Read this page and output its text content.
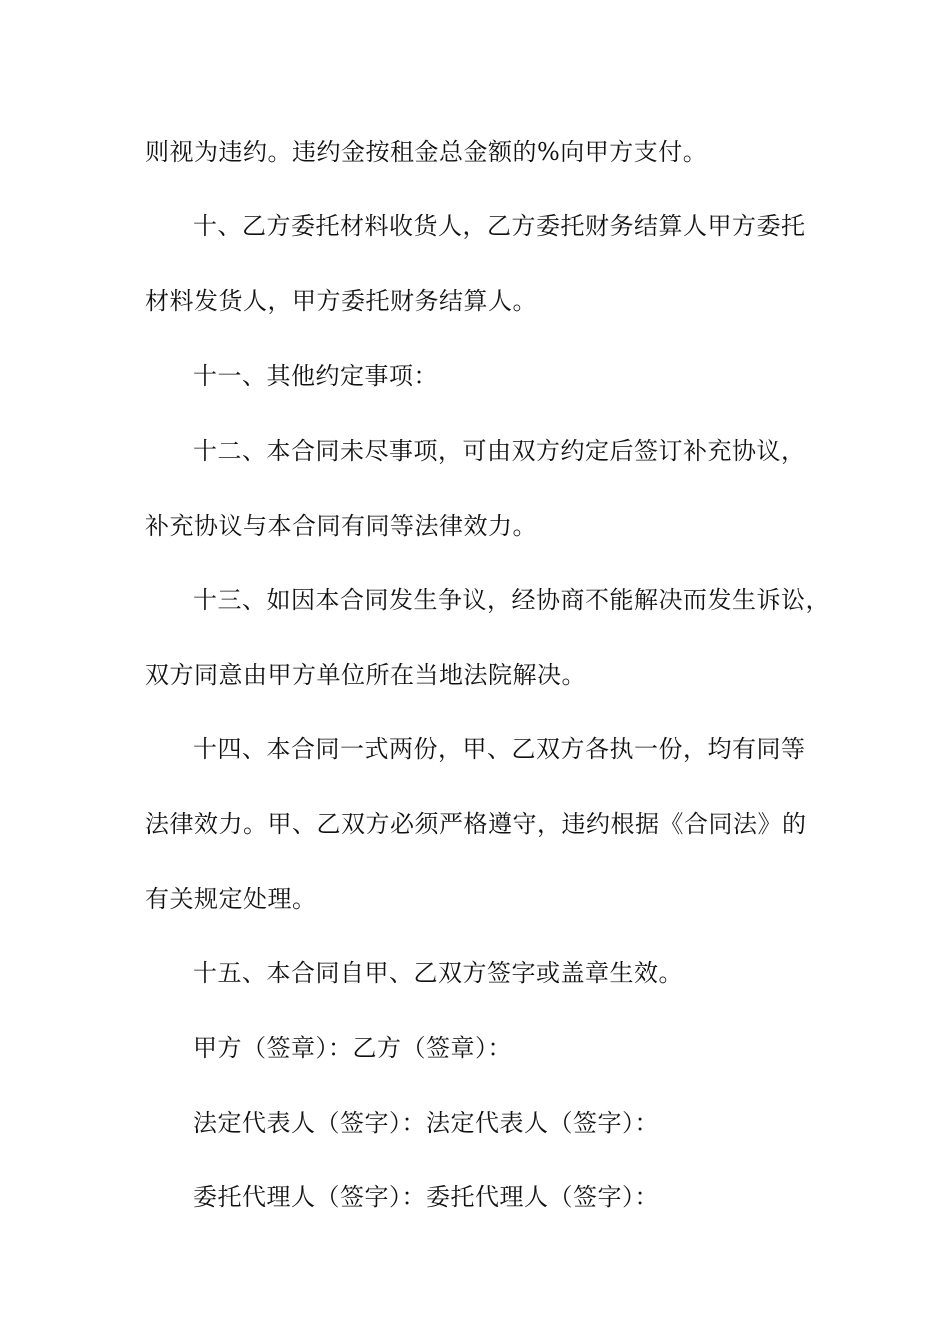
则视为违约。违约金按租金总金额的%向甲方支付。
十、乙方委托材料收货人，乙方委托财务结算人甲方委托
材料发货人，甲方委托财务结算人。
十一、其他约定事项：
十二、本合同未尽事项，可由双方约定后签订补充协议，
补充协议与本合同有同等法律效力。
十三、如因本合同发生争议，经协商不能解决而发生诉讼，
双方同意由甲方单位所在当地法院解决。
十四、本合同一式两份，甲、乙双方各执一份，均有同等
法律效力。甲、乙双方必须严格遵守，违约根据《合同法》的
有关规定处理。
十五、本合同自甲、乙双方签字或盖章生效。
甲方（签章）：乙方（签章）：
法定代表人（签字）：法定代表人（签字）：
委托代理人（签字）：委托代理人（签字）：
